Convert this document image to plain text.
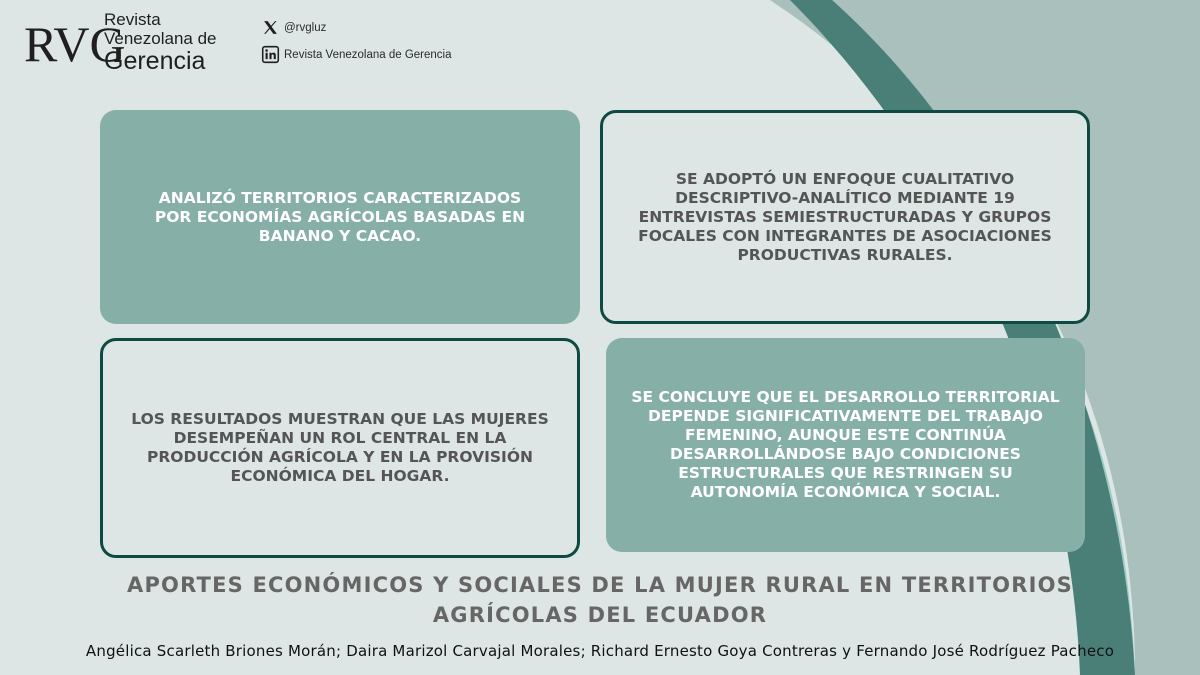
RVG
Revista
Venezolana de
Gerencia
@rvgluz
Revista Venezolana de Gerencia
ANALIZÓ TERRITORIOS CARACTERIZADOS POR ECONOMÍAS AGRÍCOLAS BASADAS EN BANANO Y CACAO.
SE ADOPTÓ UN ENFOQUE CUALITATIVO DESCRIPTIVO-ANALÍTICO MEDIANTE 19 ENTREVISTAS SEMIESTRUCTURADAS Y GRUPOS FOCALES CON INTEGRANTES DE ASOCIACIONES PRODUCTIVAS RURALES.
LOS RESULTADOS MUESTRAN QUE LAS MUJERES DESEMPEÑAN UN ROL CENTRAL EN LA PRODUCCIÓN AGRÍCOLA Y EN LA PROVISIÓN ECONÓMICA DEL HOGAR.
SE CONCLUYE QUE EL DESARROLLO TERRITORIAL DEPENDE SIGNIFICATIVAMENTE DEL TRABAJO FEMENINO, AUNQUE ESTE CONTINÚA DESARROLLÁNDOSE BAJO CONDICIONES ESTRUCTURALES QUE RESTRINGEN SU AUTONOMÍA ECONÓMICA Y SOCIAL.
APORTES ECONÓMICOS Y SOCIALES DE LA MUJER RURAL EN TERRITORIOS AGRÍCOLAS DEL ECUADOR
Angélica Scarleth Briones Morán; Daira Marizol Carvajal Morales; Richard Ernesto Goya Contreras y Fernando José Rodríguez Pacheco
